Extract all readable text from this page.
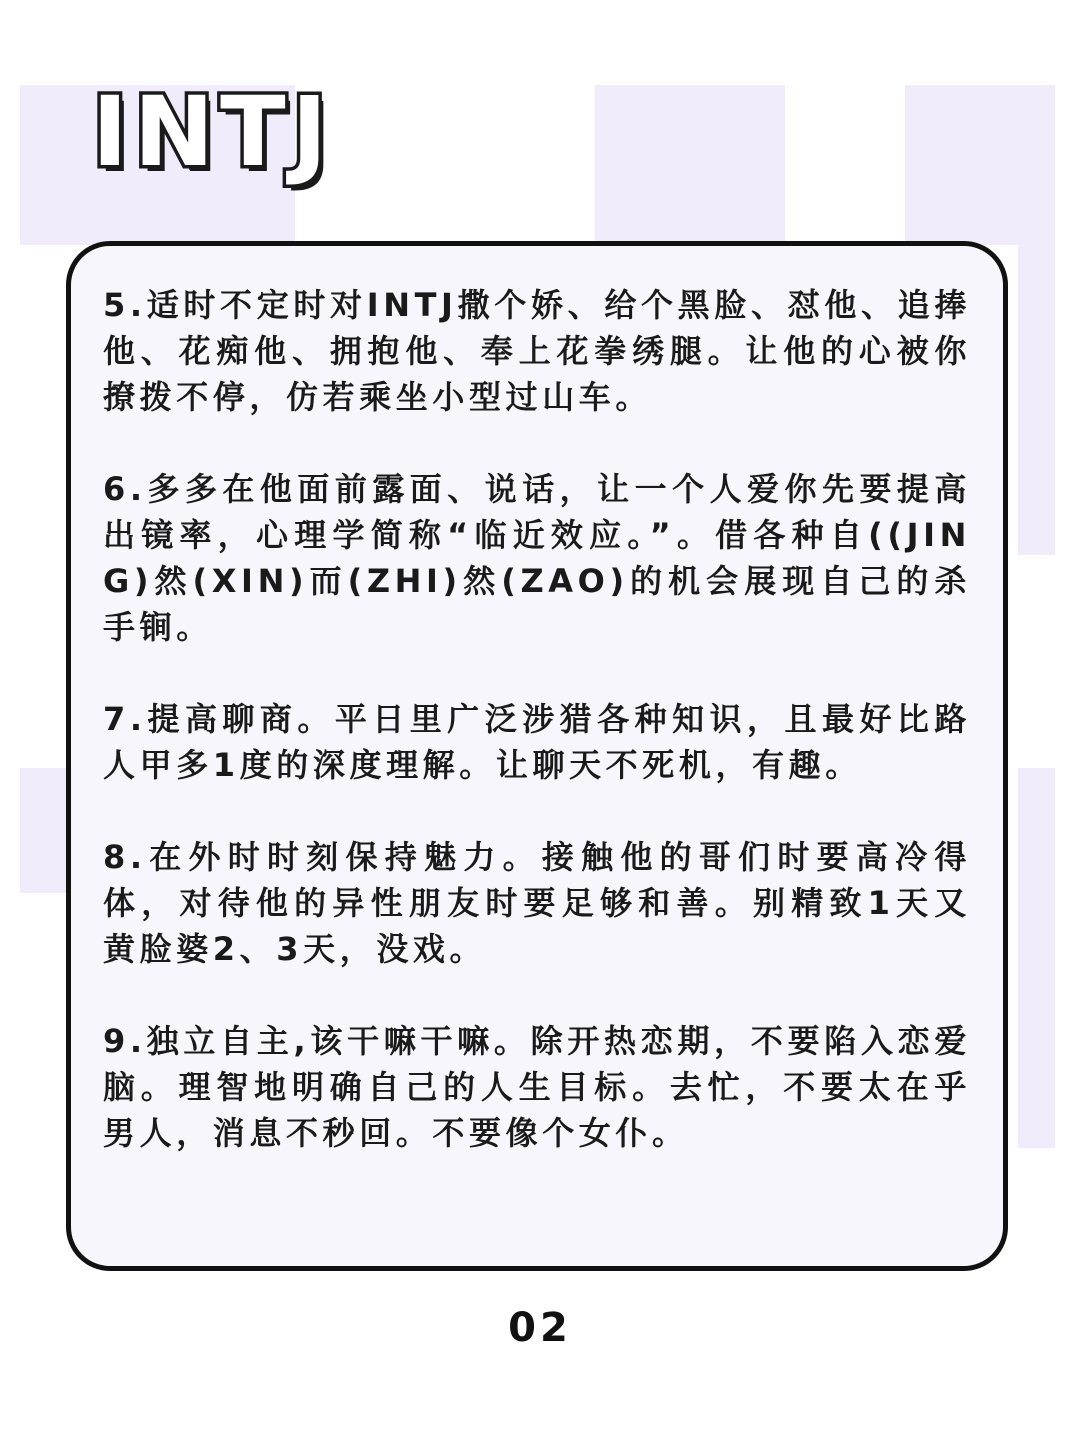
INTJ

5.适时不定时对INTJ撒个娇、给个黑脸、怼他、追捧他、花痴他、拥抱他、奉上花拳绣腿。让他的心被你撩拨不停，仿若乘坐小型过山车。

6.多多在他面前露面、说话，让一个人爱你先要提高出镜率，心理学简称“临近效应。”。借各种自((JING)然(XIN)而(ZHI)然(ZAO)的机会展现自己的杀手锏。

7.提高聊商。平日里广泛涉猎各种知识，且最好比路人甲多1度的深度理解。让聊天不死机，有趣。

8.在外时时刻保持魅力。接触他的哥们时要高冷得体，对待他的异性朋友时要足够和善。别精致1天又黄脸婆2、3天，没戏。

9.独立自主,该干嘛干嘛。除开热恋期，不要陷入恋爱脑。理智地明确自己的人生目标。去忙，不要太在乎男人，消息不秒回。不要像个女仆。

02
